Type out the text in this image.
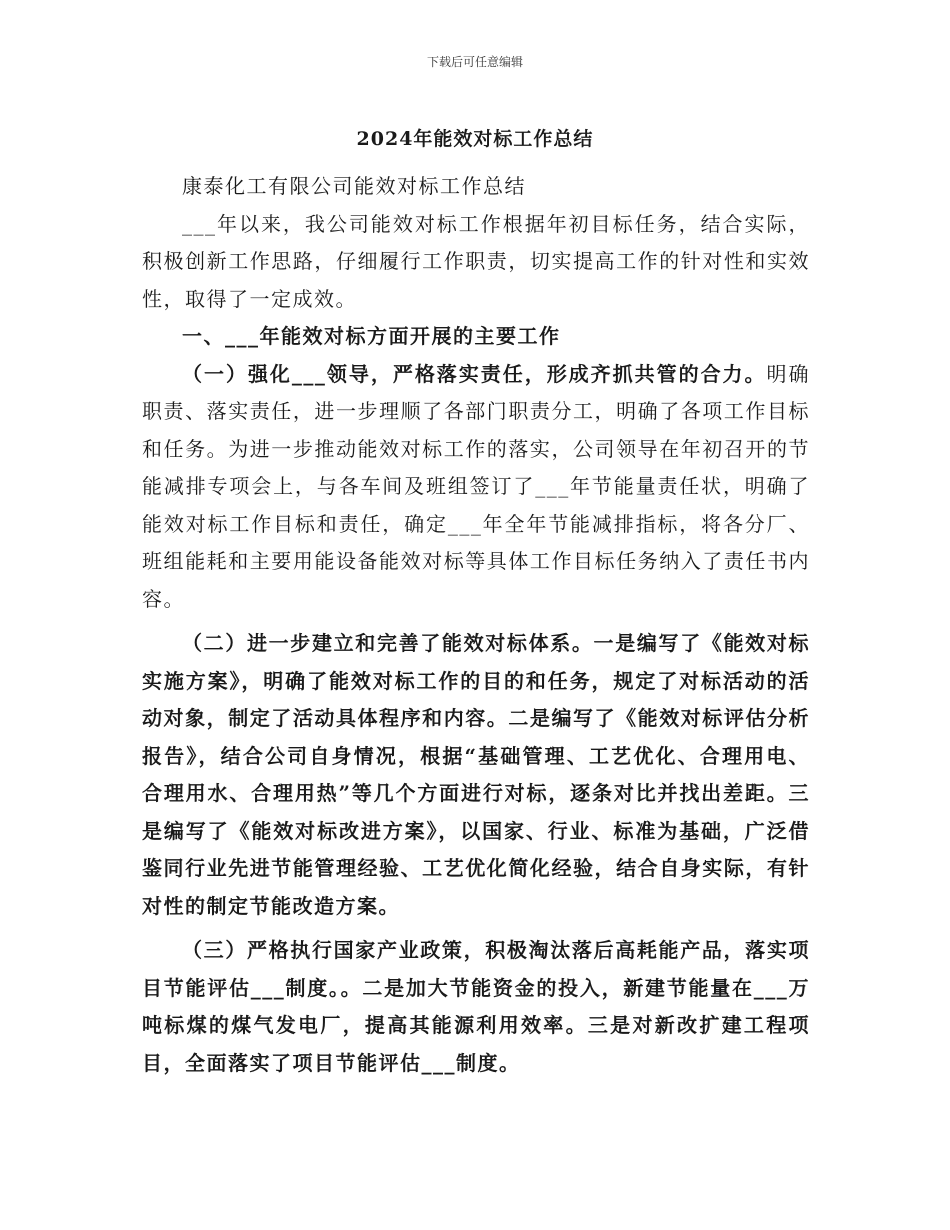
下载后可任意编辑
2024年能效对标工作总结

康泰化工有限公司能效对标工作总结

___年以来，我公司能效对标工作根据年初目标任务，结合实际，积极创新工作思路，仔细履行工作职责，切实提高工作的针对性和实效性，取得了一定成效。

一、___年能效对标方面开展的主要工作

（一）强化___领导，严格落实责任，形成齐抓共管的合力。明确职责、落实责任，进一步理顺了各部门职责分工，明确了各项工作目标和任务。为进一步推动能效对标工作的落实，公司领导在年初召开的节能减排专项会上，与各车间及班组签订了___年节能量责任状，明确了能效对标工作目标和责任，确定___年全年节能减排指标，将各分厂、班组能耗和主要用能设备能效对标等具体工作目标任务纳入了责任书内容。

（二）进一步建立和完善了能效对标体系。一是编写了《能效对标实施方案》，明确了能效对标工作的目的和任务，规定了对标活动的活动对象，制定了活动具体程序和内容。二是编写了《能效对标评估分析报告》，结合公司自身情况，根据“基础管理、工艺优化、合理用电、合理用水、合理用热”等几个方面进行对标，逐条对比并找出差距。三是编写了《能效对标改进方案》，以国家、行业、标准为基础，广泛借鉴同行业先进节能管理经验、工艺优化简化经验，结合自身实际，有针对性的制定节能改造方案。

（三）严格执行国家产业政策，积极淘汰落后高耗能产品，落实项目节能评估___制度。。二是加大节能资金的投入，新建节能量在___万吨标煤的煤气发电厂，提高其能源利用效率。三是对新改扩建工程项目，全面落实了项目节能评估___制度。
